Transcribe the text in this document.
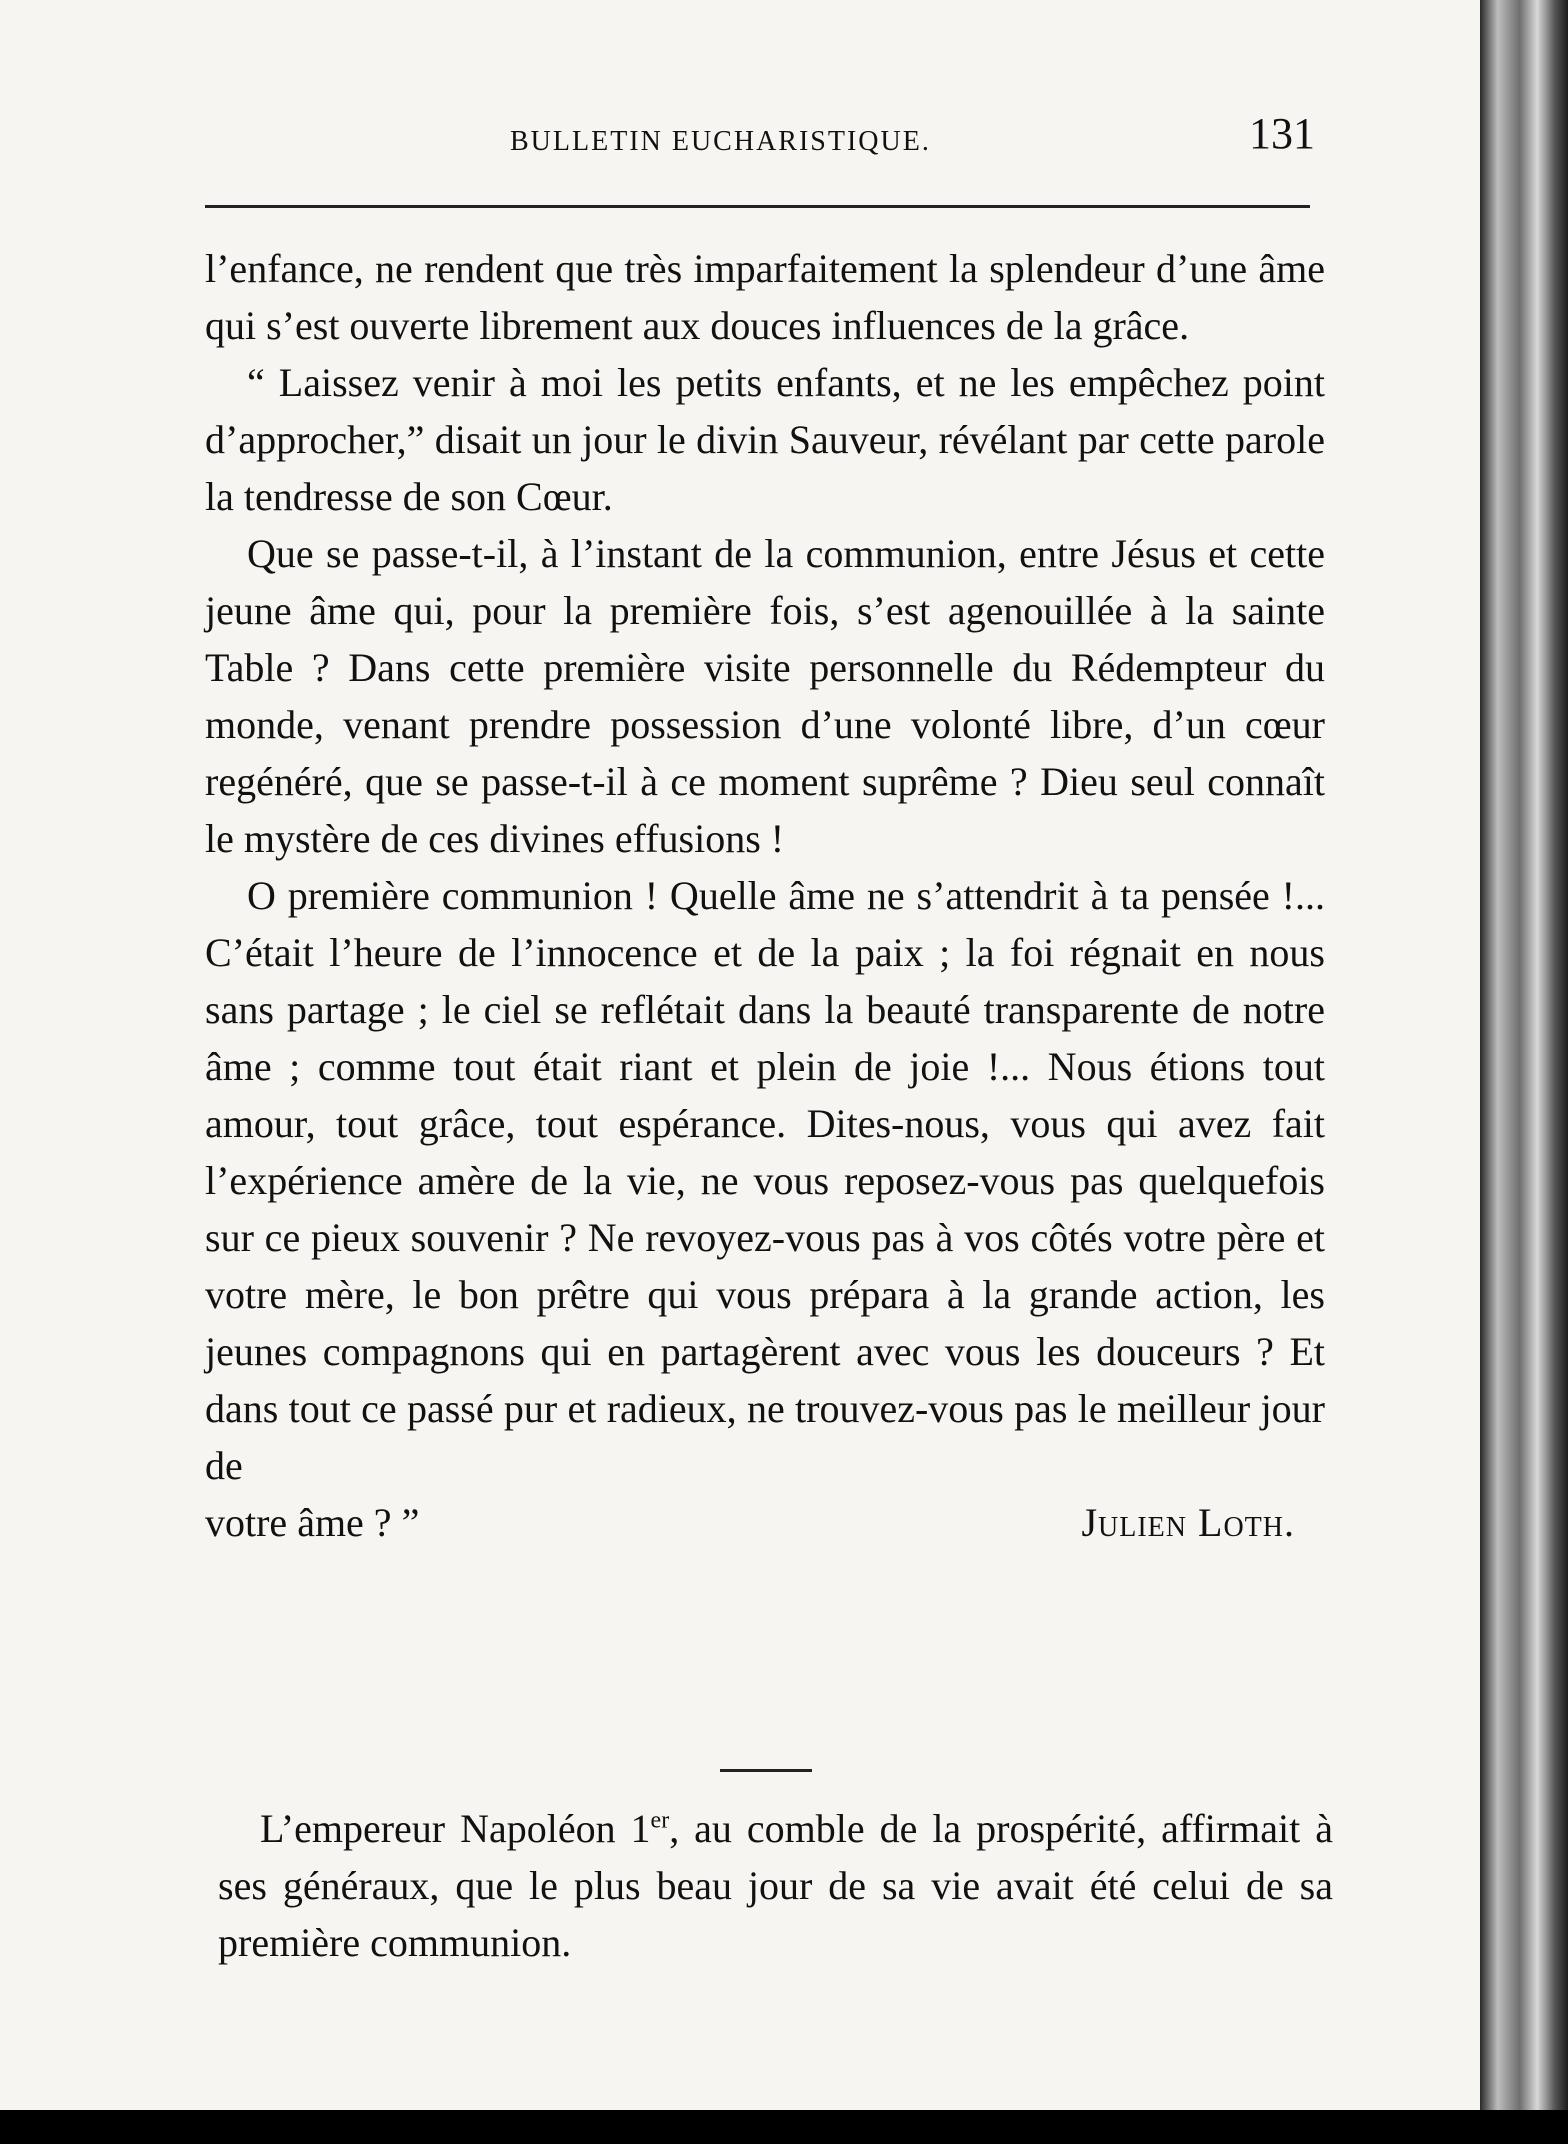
BULLETIN EUCHARISTIQUE.	131

l’enfance, ne rendent que très imparfaitement la splendeur d’une âme qui s’est ouverte librement aux douces influences de la grâce.

“ Laissez venir à moi les petits enfants, et ne les empêchez point d’approcher,” disait un jour le divin Sauveur, révélant par cette parole la tendresse de son Cœur.

Que se passe-t-il, à l’instant de la communion, entre Jésus et cette jeune âme qui, pour la première fois, s’est agenouillée à la sainte Table ? Dans cette première visite personnelle du Rédempteur du monde, venant prendre possession d’une volonté libre, d’un cœur regénéré, que se passe-t-il à ce moment suprême ? Dieu seul connaît le mystère de ces divines effusions !

O première communion ! Quelle âme ne s’attendrit à ta pensée !... C’était l’heure de l’innocence et de la paix ; la foi régnait en nous sans partage ; le ciel se reflétait dans la beauté transparente de notre âme ; comme tout était riant et plein de joie !... Nous étions tout amour, tout grâce, tout espérance. Dites-nous, vous qui avez fait l’expérience amère de la vie, ne vous reposez-vous pas quelquefois sur ce pieux souvenir ? Ne revoyez-vous pas à vos côtés votre père et votre mère, le bon prêtre qui vous prépara à la grande action, les jeunes compagnons qui en partagèrent avec vous les douceurs ? Et dans tout ce passé pur et radieux, ne trouvez-vous pas le meilleur jour de

votre âme ? ”	Julien Loth.

L’empereur Napoléon 1er, au comble de la prospérité, affirmait à ses généraux, que le plus beau jour de sa vie avait été celui de sa première communion.
